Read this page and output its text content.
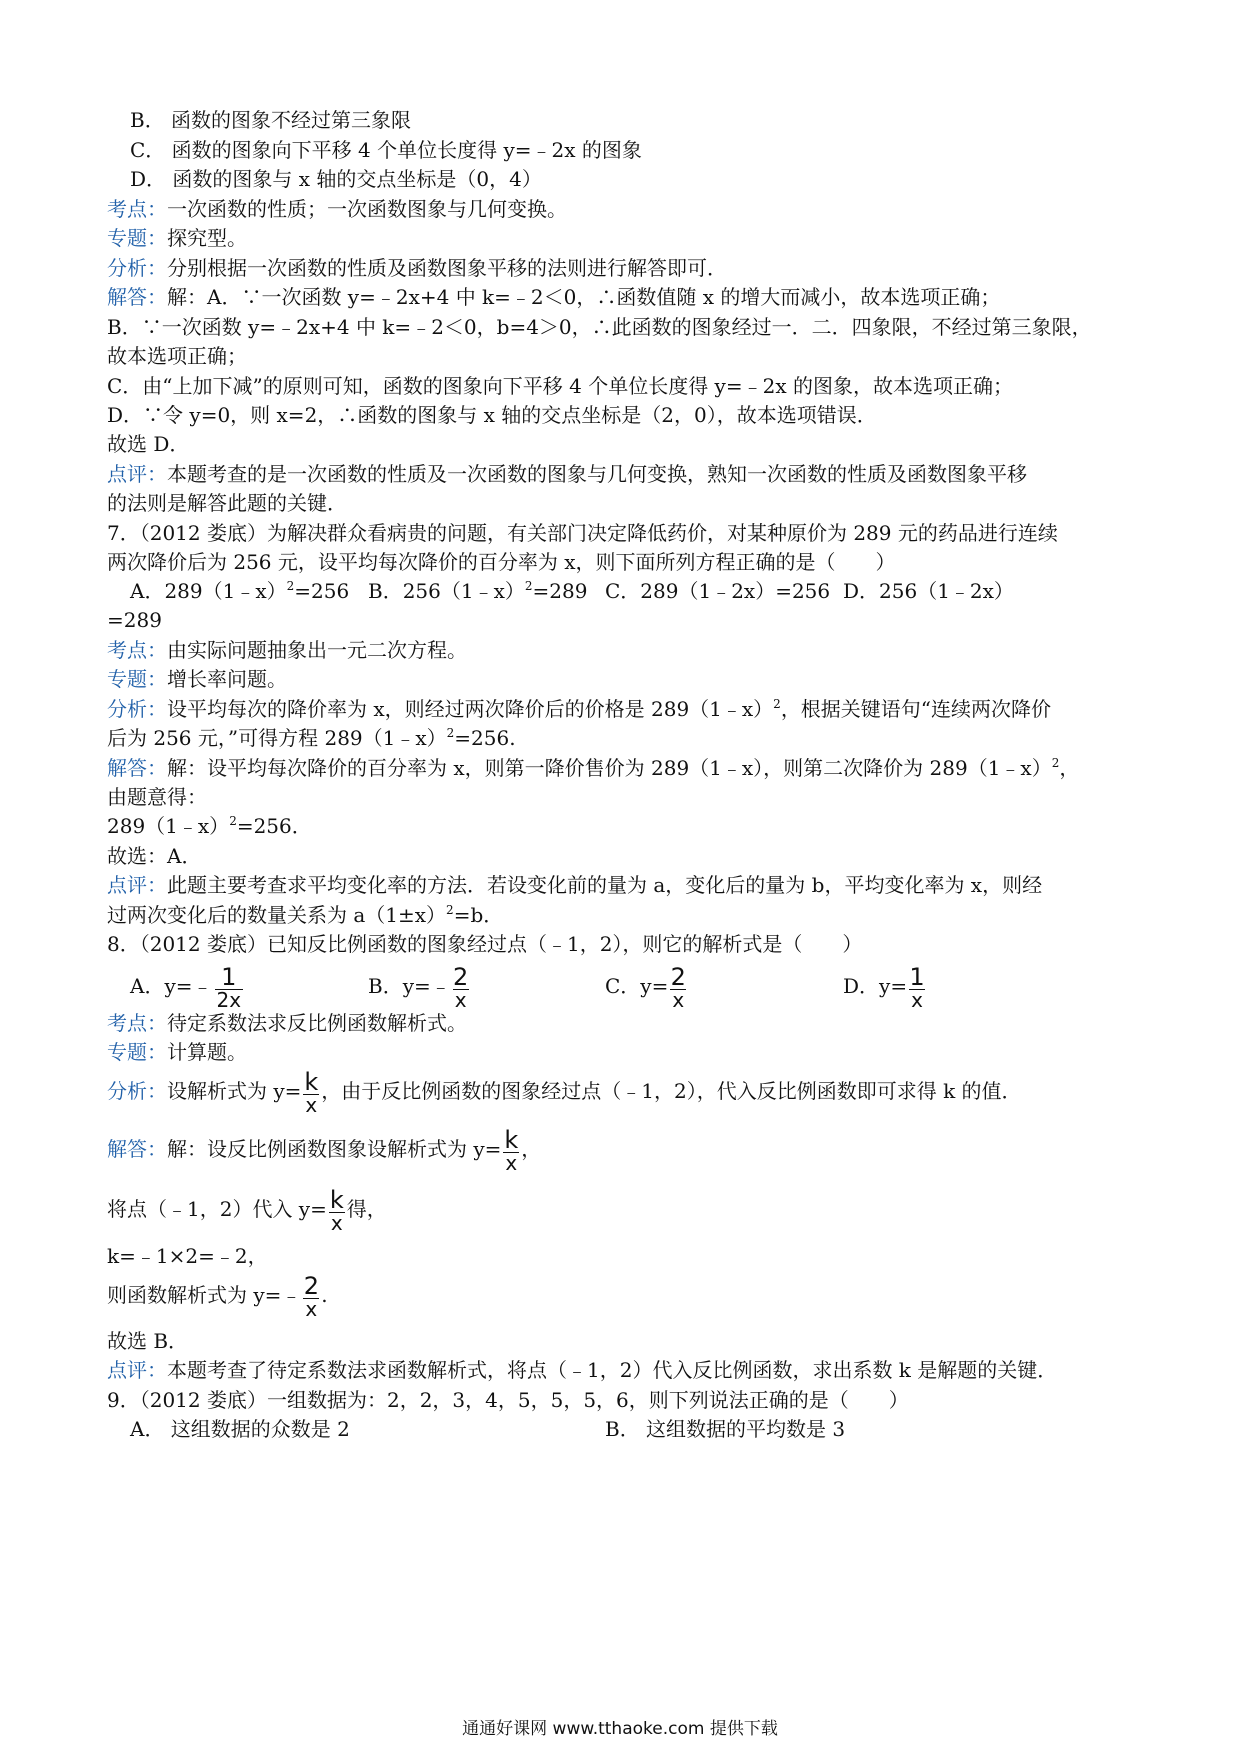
B． 函数的图象不经过第三象限
C． 函数的图象向下平移 4 个单位长度得 y=﹣2x 的图象
D． 函数的图象与 x 轴的交点坐标是（0，4）
考点：一次函数的性质；一次函数图象与几何变换。
专题：探究型。
分析：分别根据一次函数的性质及函数图象平移的法则进行解答即可．
解答：解：A．∵一次函数 y=﹣2x+4 中 k=﹣2＜0，∴函数值随 x 的增大而减小，故本选项正确；
B．∵一次函数 y=﹣2x+4 中 k=﹣2＜0，b=4＞0，∴此函数的图象经过一．二．四象限，不经过第三象限，
故本选项正确；
C．由“上加下减”的原则可知，函数的图象向下平移 4 个单位长度得 y=﹣2x 的图象，故本选项正确；
D．∵令 y=0，则 x=2，∴函数的图象与 x 轴的交点坐标是（2，0），故本选项错误．
故选 D．
点评：本题考查的是一次函数的性质及一次函数的图象与几何变换，熟知一次函数的性质及函数图象平移
的法则是解答此题的关键．
7．（2012 娄底）为解决群众看病贵的问题，有关部门决定降低药价，对某种原价为 289 元的药品进行连续
两次降价后为 256 元，设平均每次降价的百分率为 x，则下面所列方程正确的是（　　）
A．289（1﹣x）$^2$=256 B．256（1﹣x）$^2$=289 C．289（1﹣2x）=256 D．256（1﹣2x）
=289
考点：由实际问题抽象出一元二次方程。
专题：增长率问题。
分析：设平均每次的降价率为 x，则经过两次降价后的价格是 289（1﹣x）$^2$，根据关键语句“连续两次降价
后为 256 元，”可得方程 289（1﹣x）$^2$=256.
解答：解：设平均每次降价的百分率为 x，则第一降价售价为 289（1﹣x），则第二次降价为 289（1﹣x）$^2$，
由题意得：
289（1﹣x）$^2$=256．
故选：A．
点评：此题主要考查求平均变化率的方法．若设变化前的量为 a，变化后的量为 b，平均变化率为 x，则经
过两次变化后的数量关系为 $a(1\pm x)^2=b$．
8．（2012 娄底）已知反比例函数的图象经过点（﹣1，2），则它的解析式是（　　）
A．y=﹣ $\frac{1}{2x}$	B．y=﹣ $\frac{2}{x}$	C．$y= \frac{2}{x}$	D．$y= \frac{1}{x}$
考点：待定系数法求反比例函数解析式。
专题：计算题。
分析：设解析式为 $y= \frac{k}{x}$ ，由于反比例函数的图象经过点（﹣1，2），代入反比例函数即可求得 k 的值．
解答：解：设反比例函数图象设解析式为 $y= \frac{k}{x}$ ，
将点（﹣1，2）代入 $y= \frac{k}{x}$ 得，
k=﹣1×2=﹣2，
则函数解析式为 y=﹣ $\frac{2}{x}$ .
故选 B．
点评：本题考查了待定系数法求函数解析式，将点（﹣1，2）代入反比例函数，求出系数 k 是解题的关键．
9．（2012 娄底）一组数据为：2，2，3，4，5，5，5，6，则下列说法正确的是（　　）
A． 这组数据的众数是 2	B． 这组数据的平均数是 3
通通好课网 www.tthaoke.com 提供下载
